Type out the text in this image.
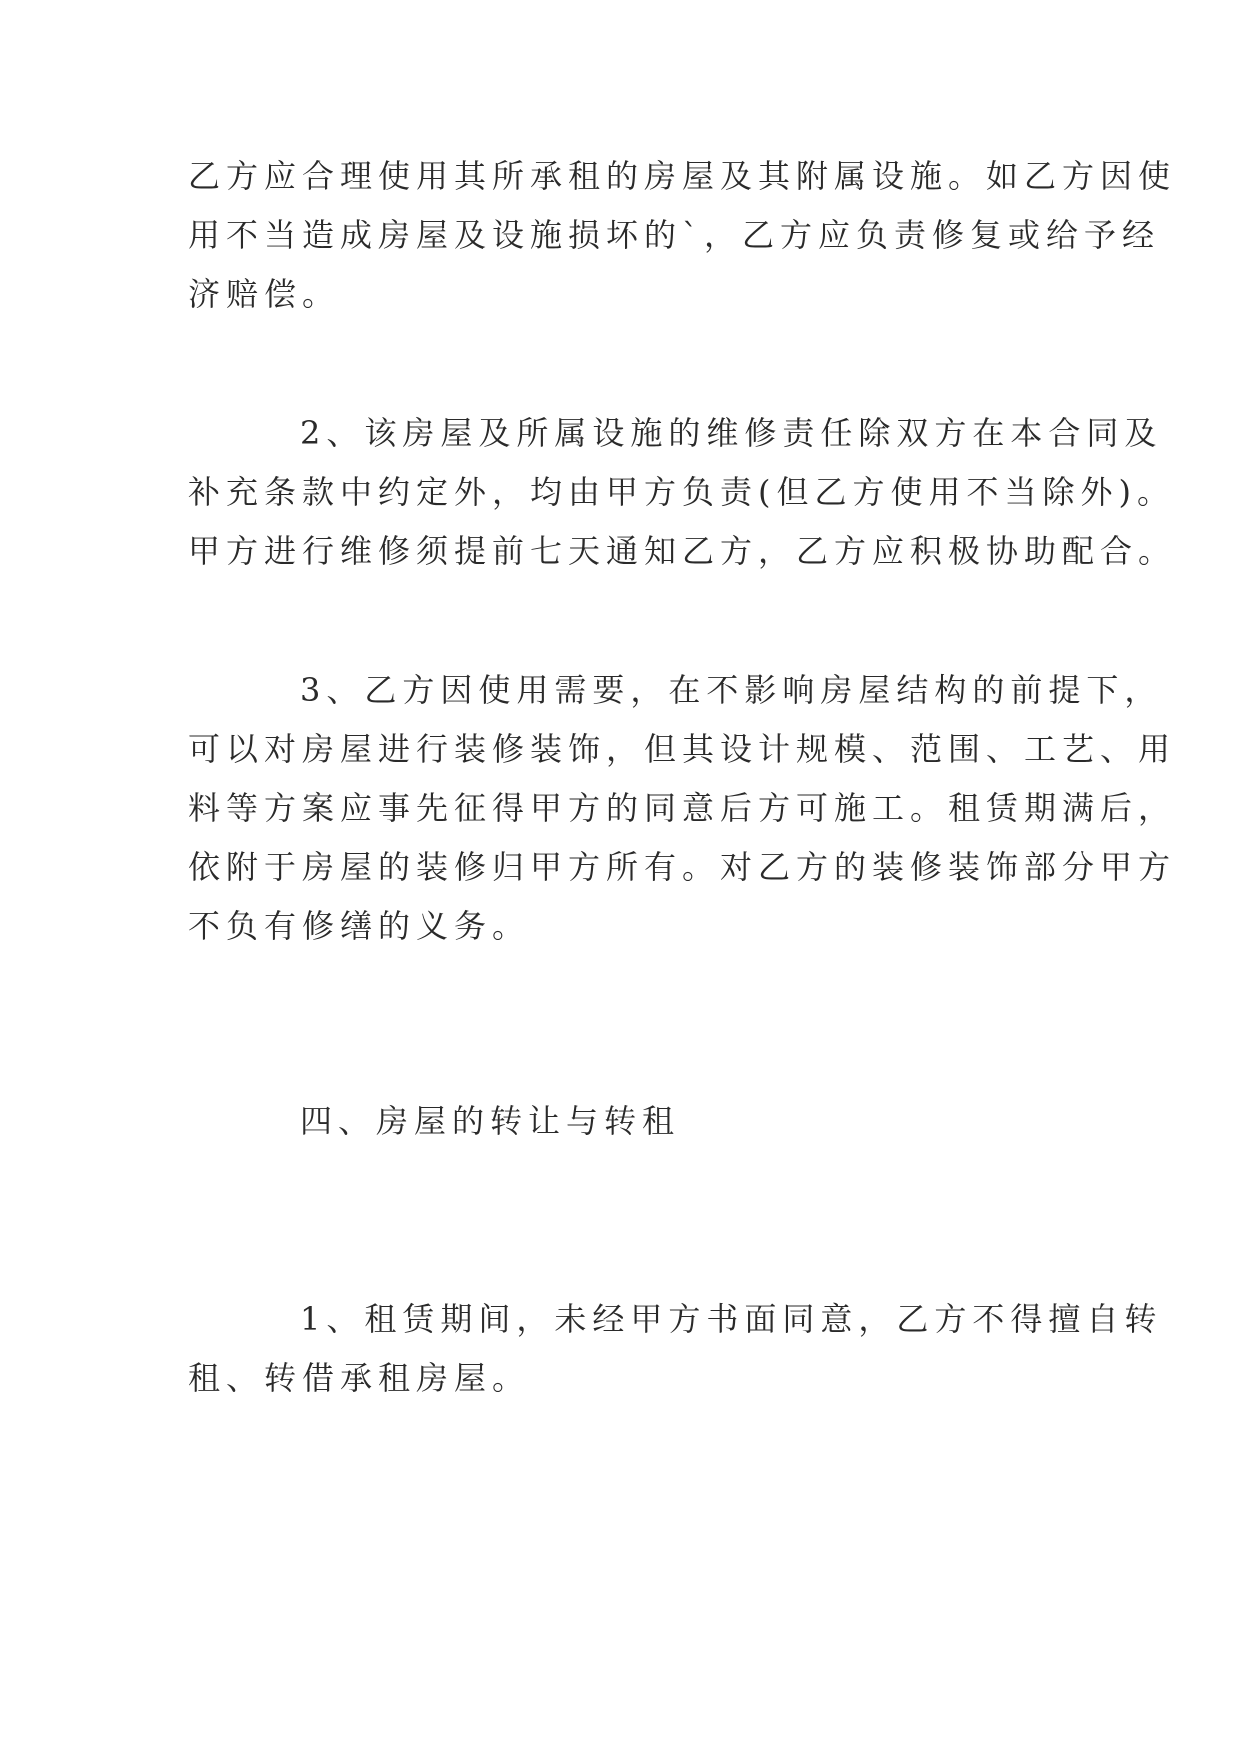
乙方应合理使用其所承租的房屋及其附属设施。如乙方因使
用不当造成房屋及设施损坏的`，乙方应负责修复或给予经
济赔偿。

2、该房屋及所属设施的维修责任除双方在本合同及
补充条款中约定外，均由甲方负责(但乙方使用不当除外)。
甲方进行维修须提前七天通知乙方，乙方应积极协助配合。

3、乙方因使用需要，在不影响房屋结构的前提下，
可以对房屋进行装修装饰，但其设计规模、范围、工艺、用
料等方案应事先征得甲方的同意后方可施工。租赁期满后，
依附于房屋的装修归甲方所有。对乙方的装修装饰部分甲方
不负有修缮的义务。

四、房屋的转让与转租

1、租赁期间，未经甲方书面同意，乙方不得擅自转
租、转借承租房屋。
